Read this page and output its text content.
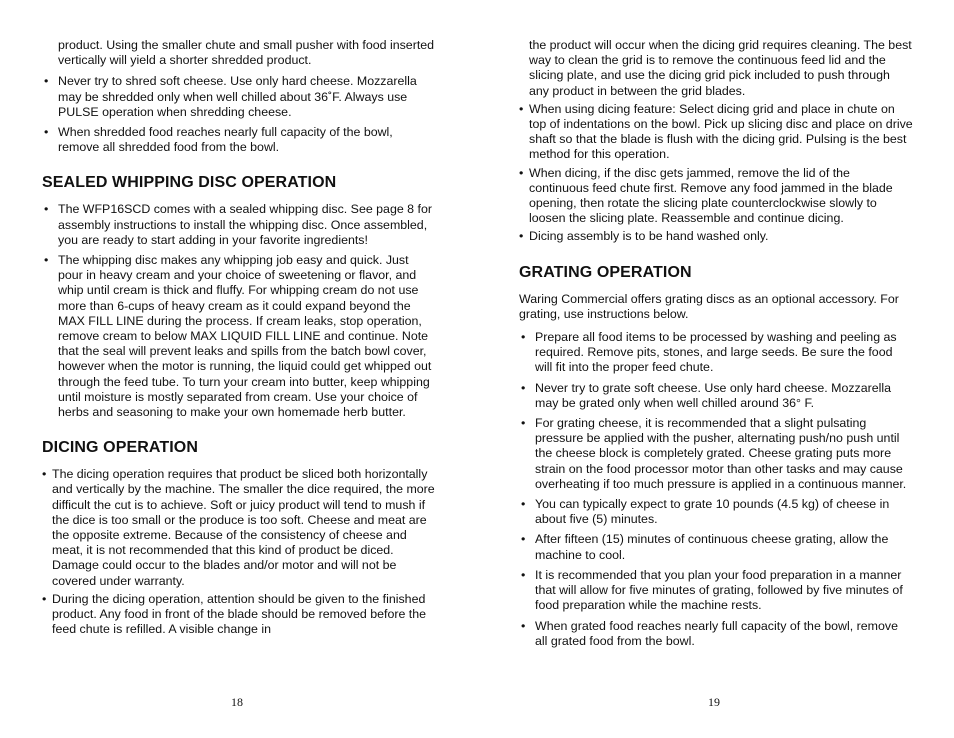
product. Using the smaller chute and small pusher with food inserted vertically will yield a shorter shredded product.

• Never try to shred soft cheese. Use only hard cheese. Mozzarella may be shredded only when well chilled about 36˚F. Always use PULSE operation when shredding cheese.
• When shredded food reaches nearly full capacity of the bowl, remove all shredded food from the bowl.
SEALED WHIPPING DISC OPERATION
• The WFP16SCD comes with a sealed whipping disc. See page 8 for assembly instructions to install the whipping disc. Once assembled, you are ready to start adding in your favorite ingredients!
• The whipping disc makes any whipping job easy and quick. Just pour in heavy cream and your choice of sweetening or flavor, and whip until cream is thick and fluffy. For whipping cream do not use more than 6-cups of heavy cream as it could expand beyond the MAX FILL LINE during the process. If cream leaks, stop operation, remove cream to below MAX LIQUID FILL LINE and continue. Note that the seal will prevent leaks and spills from the batch bowl cover, however when the motor is running, the liquid could get whipped out through the feed tube. To turn your cream into butter, keep whipping until moisture is mostly separated from cream. Use your choice of herbs and seasoning to make your own homemade herb butter.
DICING OPERATION
• The dicing operation requires that product be sliced both horizontally and vertically by the machine. The smaller the dice required, the more difficult the cut is to achieve. Soft or juicy product will tend to mush if the dice is too small or the produce is too soft. Cheese and meat are the opposite extreme. Because of the consistency of cheese and meat, it is not recommended that this kind of product be diced. Damage could occur to the blades and/or motor and will not be covered under warranty.
• During the dicing operation, attention should be given to the finished product. Any food in front of the blade should be removed before the feed chute is refilled. A visible change in
18
the product will occur when the dicing grid requires cleaning. The best way to clean the grid is to remove the continuous feed lid and the slicing plate, and use the dicing grid pick included to push through any product in between the grid blades.
• When using dicing feature: Select dicing grid and place in chute on top of indentations on the bowl. Pick up slicing disc and place on drive shaft so that the blade is flush with the dicing grid. Pulsing is the best method for this operation.
• When dicing, if the disc gets jammed, remove the lid of the continuous feed chute first. Remove any food jammed in the blade opening, then rotate the slicing plate counterclockwise slowly to loosen the slicing plate. Reassemble and continue dicing.
• Dicing assembly is to be hand washed only.
GRATING OPERATION

Waring Commercial offers grating discs as an optional accessory. For grating, use instructions below.

• Prepare all food items to be processed by washing and peeling as required. Remove pits, stones, and large seeds. Be sure the food will fit into the proper feed chute.
• Never try to grate soft cheese. Use only hard cheese. Mozzarella may be grated only when well chilled around 36° F.
• For grating cheese, it is recommended that a slight pulsating pressure be applied with the pusher, alternating push/no push until the cheese block is completely grated. Cheese grating puts more strain on the food processor motor than other tasks and may cause overheating if too much pressure is applied in a continuous manner.
• You can typically expect to grate 10 pounds (4.5 kg) of cheese in about five (5) minutes.
• After fifteen (15) minutes of continuous cheese grating, allow the machine to cool.
• It is recommended that you plan your food preparation in a manner that will allow for five minutes of grating, followed by five minutes of food preparation while the machine rests.
• When grated food reaches nearly full capacity of the bowl, remove all grated food from the bowl.
19
